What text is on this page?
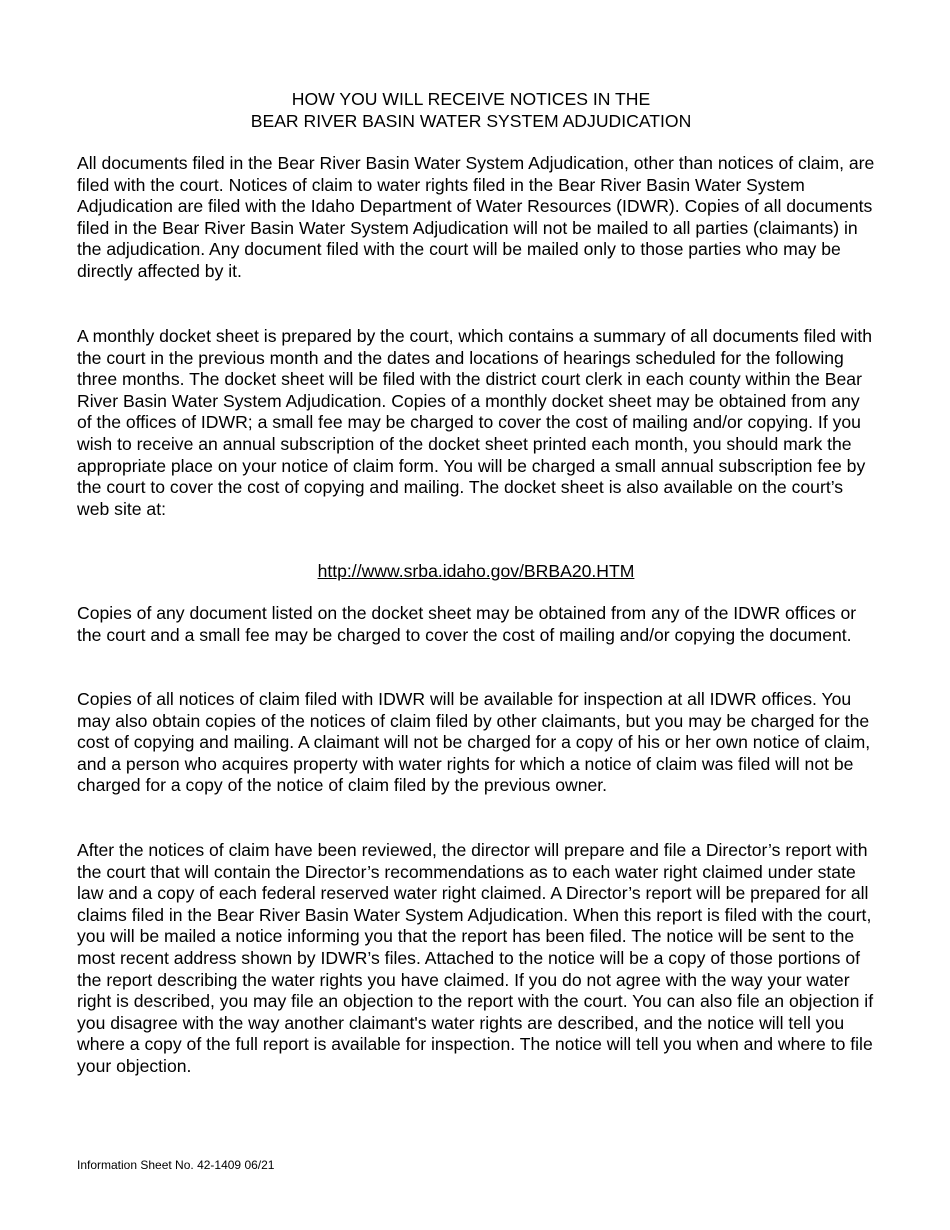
HOW YOU WILL RECEIVE NOTICES IN THE
BEAR RIVER BASIN WATER SYSTEM ADJUDICATION

All documents filed in the Bear River Basin Water System Adjudication, other than notices of claim, are filed with the court. Notices of claim to water rights filed in the Bear River Basin Water System Adjudication are filed with the Idaho Department of Water Resources (IDWR). Copies of all documents filed in the Bear River Basin Water System Adjudication will not be mailed to all parties (claimants) in the adjudication. Any document filed with the court will be mailed only to those parties who may be directly affected by it.

A monthly docket sheet is prepared by the court, which contains a summary of all documents filed with the court in the previous month and the dates and locations of hearings scheduled for the following three months. The docket sheet will be filed with the district court clerk in each county within the Bear River Basin Water System Adjudication. Copies of a monthly docket sheet may be obtained from any of the offices of IDWR; a small fee may be charged to cover the cost of mailing and/or copying. If you wish to receive an annual subscription of the docket sheet printed each month, you should mark the appropriate place on your notice of claim form. You will be charged a small annual subscription fee by the court to cover the cost of copying and mailing. The docket sheet is also available on the court’s web site at:

http://www.srba.idaho.gov/BRBA20.HTM

Copies of any document listed on the docket sheet may be obtained from any of the IDWR offices or the court and a small fee may be charged to cover the cost of mailing and/or copying the document.

Copies of all notices of claim filed with IDWR will be available for inspection at all IDWR offices. You may also obtain copies of the notices of claim filed by other claimants, but you may be charged for the cost of copying and mailing. A claimant will not be charged for a copy of his or her own notice of claim, and a person who acquires property with water rights for which a notice of claim was filed will not be charged for a copy of the notice of claim filed by the previous owner.

After the notices of claim have been reviewed, the director will prepare and file a Director’s report with the court that will contain the Director’s recommendations as to each water right claimed under state law and a copy of each federal reserved water right claimed. A Director’s report will be prepared for all claims filed in the Bear River Basin Water System Adjudication. When this report is filed with the court, you will be mailed a notice informing you that the report has been filed. The notice will be sent to the most recent address shown by IDWR’s files. Attached to the notice will be a copy of those portions of the report describing the water rights you have claimed. If you do not agree with the way your water right is described, you may file an objection to the report with the court. You can also file an objection if you disagree with the way another claimant's water rights are described, and the notice will tell you where a copy of the full report is available for inspection. The notice will tell you when and where to file your objection.

Information Sheet No. 42-1409 06/21
